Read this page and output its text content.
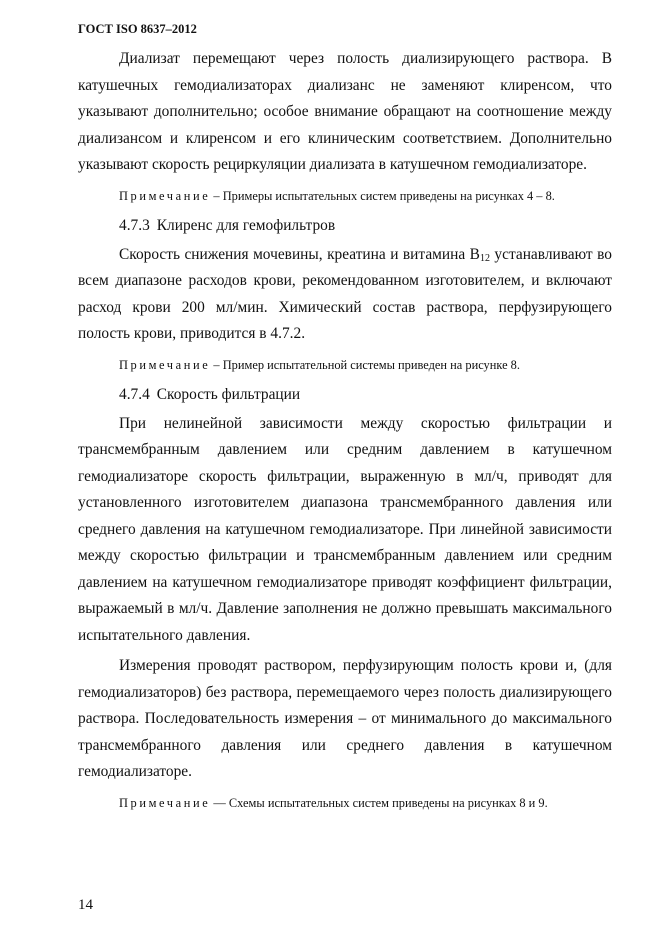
ГОСТ ISO 8637–2012

Диализат перемещают через полость диализирующего раствора. В катушечных гемодиализаторах диализанс не заменяют клиренсом, что указывают дополнительно; особое внимание обращают на соотношение между диализансом и клиренсом и его клиническим соответствием. Дополнительно указывают скорость рециркуляции диализата в катушечном гемодиализаторе.

Примечание – Примеры испытательных систем приведены на рисунках 4 – 8.
4.7.3 Клиренс для гемофильтров

Скорость снижения мочевины, креатина и витамина $B_{12}$ устанавливают во всем диапазоне расходов крови, рекомендованном изготовителем, и включают расход крови 200 мл/мин. Химический состав раствора, перфузирующего полость крови, приводится в 4.7.2.

Примечание – Пример испытательной системы приведен на рисунке 8.
4.7.4 Скорость фильтрации

При нелинейной зависимости между скоростью фильтрации и трансмембранным давлением или средним давлением в катушечном гемодиализаторе скорость фильтрации, выраженную в мл/ч, приводят для установленного изготовителем диапазона трансмембранного давления или среднего давления на катушечном гемодиализаторе. При линейной зависимости между скоростью фильтрации и трансмембранным давлением или средним давлением на катушечном гемодиализаторе приводят коэффициент фильтрации, выражаемый в мл/ч. Давление заполнения не должно превышать максимального испытательного давления.

Измерения проводят раствором, перфузирующим полость крови и, (для гемодиализаторов) без раствора, перемещаемого через полость диализирующего раствора. Последовательность измерения – от минимального до максимального трансмембранного давления или среднего давления в катушечном гемодиализаторе.

Примечание — Схемы испытательных систем приведены на рисунках 8 и 9.
14
